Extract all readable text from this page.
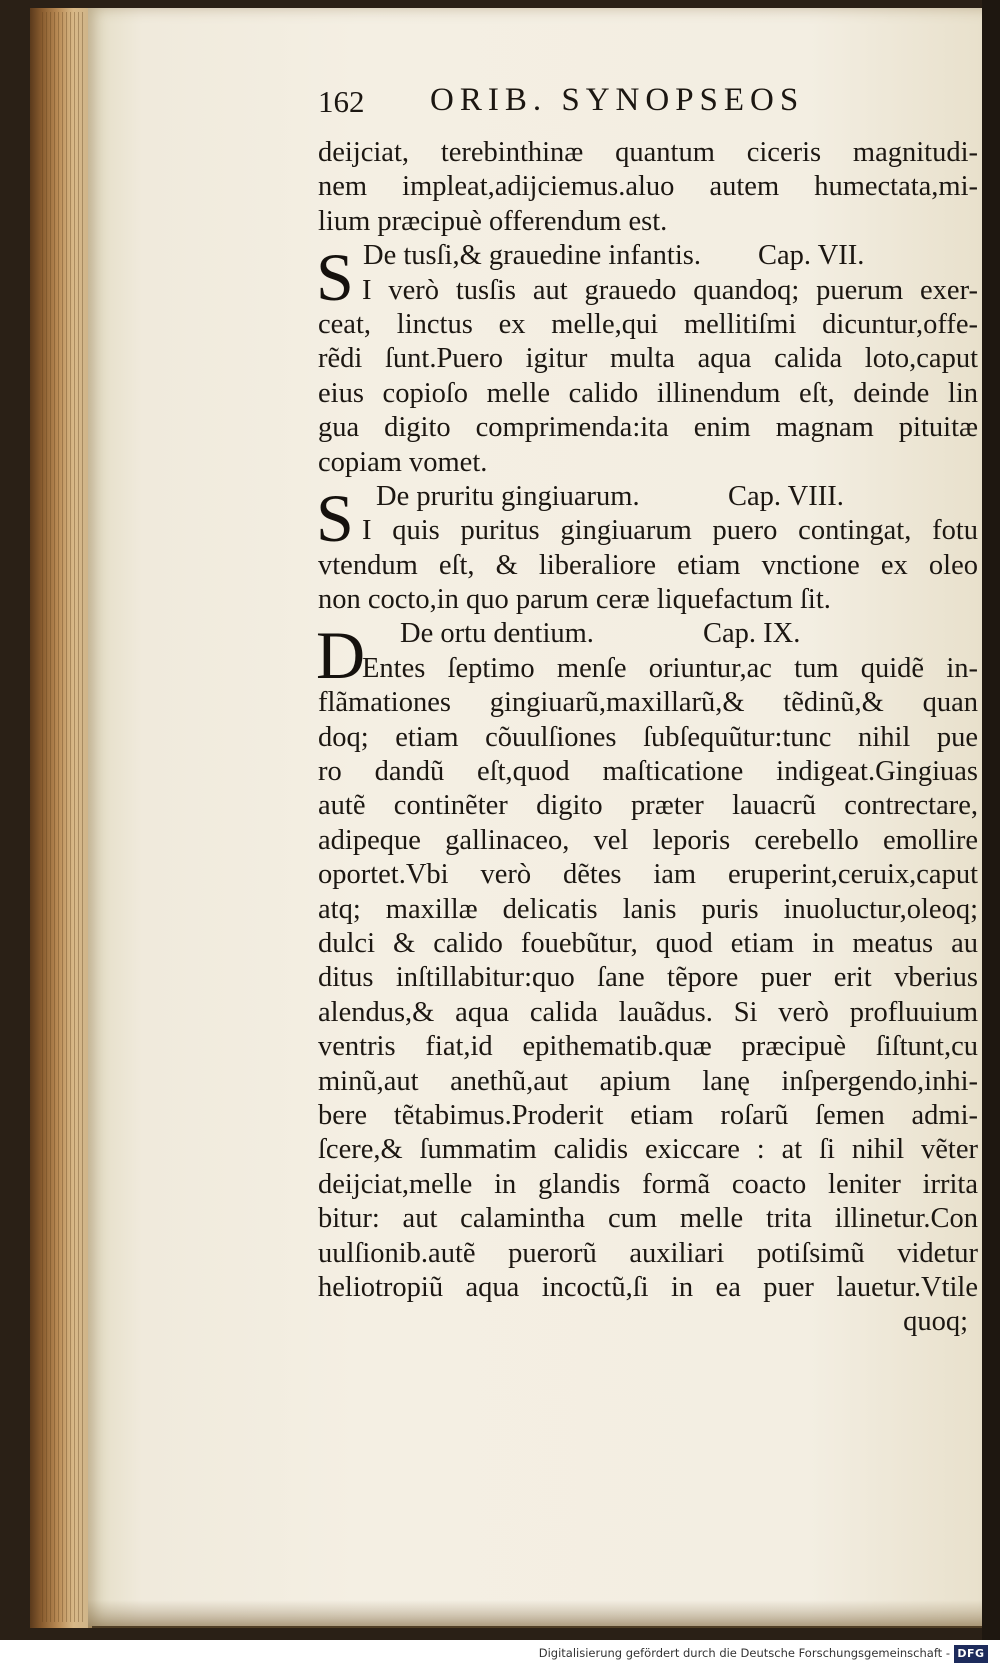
162 ORIB. SYNOPSEOS
deijciat, terebinthinæ quantum ciceris magnitudi-
nem impleat,adijciemus.aluo autem humectata,mi-
lium præcipuè offerendum est.
S De tusſi,& grauedine infantis. Cap. VII.
I verò tusſis aut grauedo quandoq; puerum exer-
ceat, linctus ex melle,qui mellitiſmi dicuntur,offe-
rẽdi ſunt.Puero igitur multa aqua calida loto,caput
eius copioſo melle calido illinendum eſt, deinde lin
gua digito comprimenda:ita enim magnam pituitæ
copiam vomet.
S De pruritu gingiuarum.	Cap. VIII.
I quis puritus gingiuarum puero contingat, fotu
vtendum eſt, & liberaliore etiam vnctione ex oleo
non cocto,in quo parum ceræ liquefactum ſit.
D De ortu dentium.	Cap. IX.
Entes ſeptimo menſe oriuntur,ac tum quidẽ in-
flãmationes gingiuarũ,maxillarũ,& tẽdinũ,& quan
doq; etiam cõuulſiones ſubſequũtur:tunc nihil pue
ro dandũ eſt,quod maſticatione indigeat.Gingiuas
autẽ continẽter digito præter lauacrũ contrectare,
adipeque gallinaceo, vel leporis cerebello emollire
oportet.Vbi verò dẽtes iam eruperint,ceruix,caput
atq; maxillæ delicatis lanis puris inuoluctur,oleoq;
dulci & calido fouebũtur, quod etiam in meatus au
ditus inſtillabitur:quo ſane tẽpore puer erit vberius
alendus,& aqua calida lauãdus. Si verò profluuium
ventris fiat,id epithematib.quæ præcipuè ſiſtunt,cu
minũ,aut anethũ,aut apium lanę inſpergendo,inhi-
bere tẽtabimus.Proderit etiam roſarũ ſemen admi-
ſcere,& ſummatim calidis exiccare : at ſi nihil vẽter
deijciat,melle in glandis formã coacto leniter irrita
bitur: aut calamintha cum melle trita illinetur.Con
uulſionib.autẽ puerorũ auxiliari potiſsimũ videtur
heliotropiũ aqua incoctũ,ſi in ea puer lauetur.Vtile
quoq;
Digitalisierung gefördert durch die Deutsche Forschungsgemeinschaft - DFG
